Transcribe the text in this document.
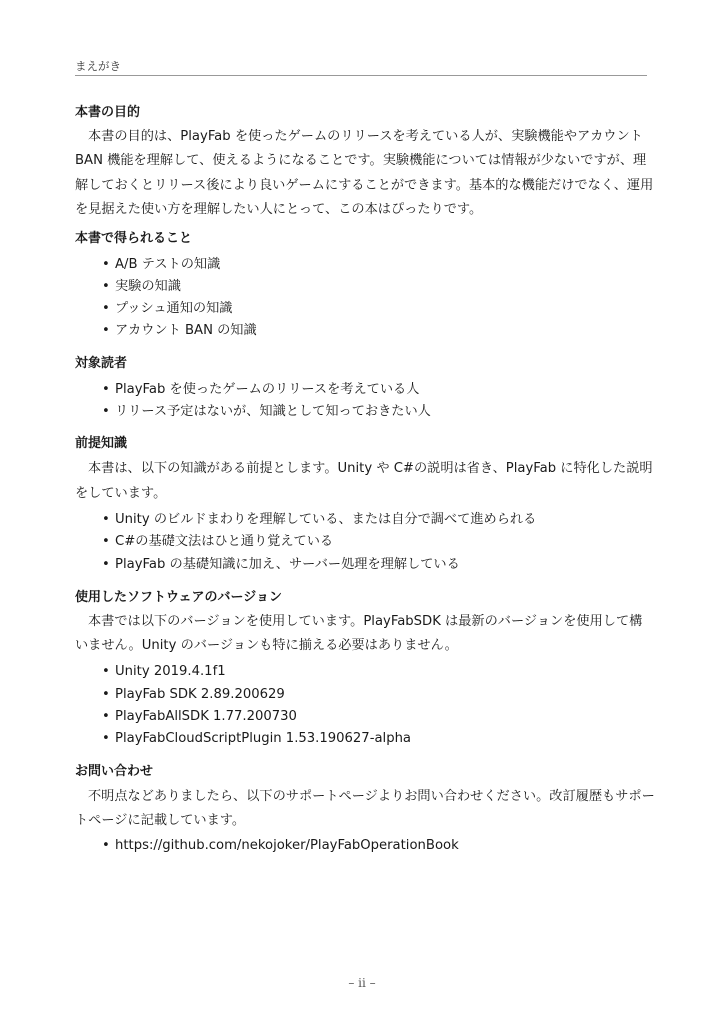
まえがき
本書の目的
本書の目的は、PlayFab を使ったゲームのリリースを考えている人が、実験機能やアカウント
BAN 機能を理解して、使えるようになることです。実験機能については情報が少ないですが、理
解しておくとリリース後により良いゲームにすることができます。基本的な機能だけでなく、運用
を見据えた使い方を理解したい人にとって、この本はぴったりです。
本書で得られること
• A/B テストの知識
• 実験の知識
• プッシュ通知の知識
• アカウント BAN の知識
対象読者
• PlayFab を使ったゲームのリリースを考えている人
• リリース予定はないが、知識として知っておきたい人
前提知識
本書は、以下の知識がある前提とします。Unity や C#の説明は省き、PlayFab に特化した説明
をしています。
• Unity のビルドまわりを理解している、または自分で調べて進められる
• C#の基礎文法はひと通り覚えている
• PlayFab の基礎知識に加え、サーバー処理を理解している
使用したソフトウェアのバージョン
本書では以下のバージョンを使用しています。PlayFabSDK は最新のバージョンを使用して構
いません。Unity のバージョンも特に揃える必要はありません。
• Unity 2019.4.1f1
• PlayFab SDK 2.89.200629
• PlayFabAllSDK 1.77.200730
• PlayFabCloudScriptPlugin 1.53.190627-alpha
お問い合わせ
不明点などありましたら、以下のサポートページよりお問い合わせください。改訂履歴もサポー
トページに記載しています。
• https://github.com/nekojoker/PlayFabOperationBook
– ii –
